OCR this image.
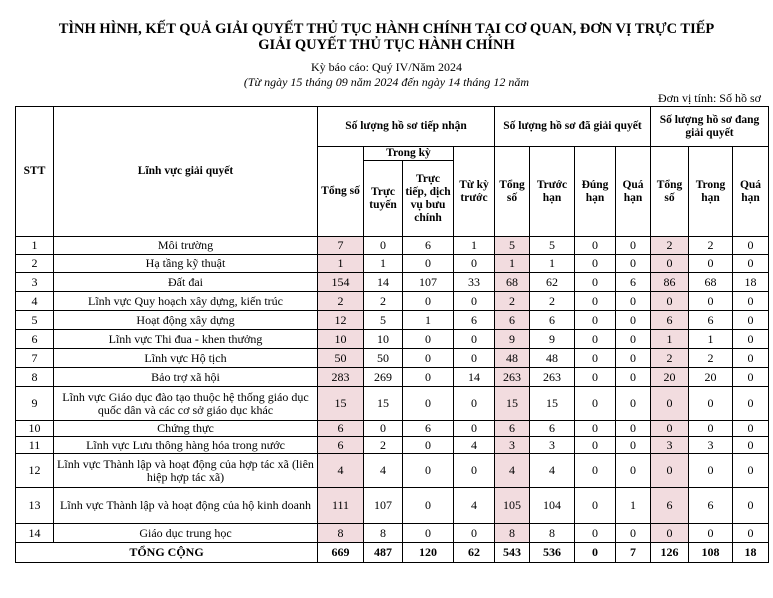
TÌNH HÌNH, KẾT QUẢ GIẢI QUYẾT THỦ TỤC HÀNH CHÍNH TẠI CƠ QUAN, ĐƠN VỊ TRỰC TIẾP
GIẢI QUYẾT THỦ TỤC HÀNH CHÍNH
Kỳ báo cáo: Quý IV/Năm 2024
(Từ ngày 15 tháng 09 năm 2024 đến ngày 14 tháng 12 năm
Đơn vị tính: Số hồ sơ
STT	Lĩnh vực giải quyết	Số lượng hồ sơ tiếp nhận				Số lượng hồ sơ đã giải quyết				Số lượng hồ sơ đang giải quyết		
		Tổng số	Trong kỳ		Từ kỳ trước	Tổng số	Trước hạn	Đúng hạn	Quá hạn	Tổng số	Trong hạn	Quá hạn
			Trực tuyến	Trực tiếp, dịch vụ bưu chính								
1	Môi trường	7	0	6	1	5	5	0	0	2	2	0
2	Hạ tầng kỹ thuật	1	1	0	0	1	1	0	0	0	0	0
3	Đất đai	154	14	107	33	68	62	0	6	86	68	18
4	Lĩnh vực Quy hoạch xây dựng, kiến trúc	2	2	0	0	2	2	0	0	0	0	0
5	Hoạt động xây dựng	12	5	1	6	6	6	0	0	6	6	0
6	Lĩnh vực Thi đua - khen thưởng	10	10	0	0	9	9	0	0	1	1	0
7	Lĩnh vực Hộ tịch	50	50	0	0	48	48	0	0	2	2	0
8	Bảo trợ xã hội	283	269	0	14	263	263	0	0	20	20	0
9	Lĩnh vực Giáo dục đào tạo thuộc hệ thống giáo dục quốc dân và các cơ sở giáo dục khác	15	15	0	0	15	15	0	0	0	0	0
10	Chứng thực	6	0	6	0	6	6	0	0	0	0	0
11	Lĩnh vực Lưu thông hàng hóa trong nước	6	2	0	4	3	3	0	0	3	3	0
12	Lĩnh vực Thành lập và hoạt động của hợp tác xã (liên hiệp hợp tác xã)	4	4	0	0	4	4	0	0	0	0	0
13	Lĩnh vực Thành lập và hoạt động của hộ kinh doanh	111	107	0	4	105	104	0	1	6	6	0
14	Giáo dục trung học	8	8	0	0	8	8	0	0	0	0	0
TỔNG CỘNG		669	487	120	62	543	536	0	7	126	108	18
